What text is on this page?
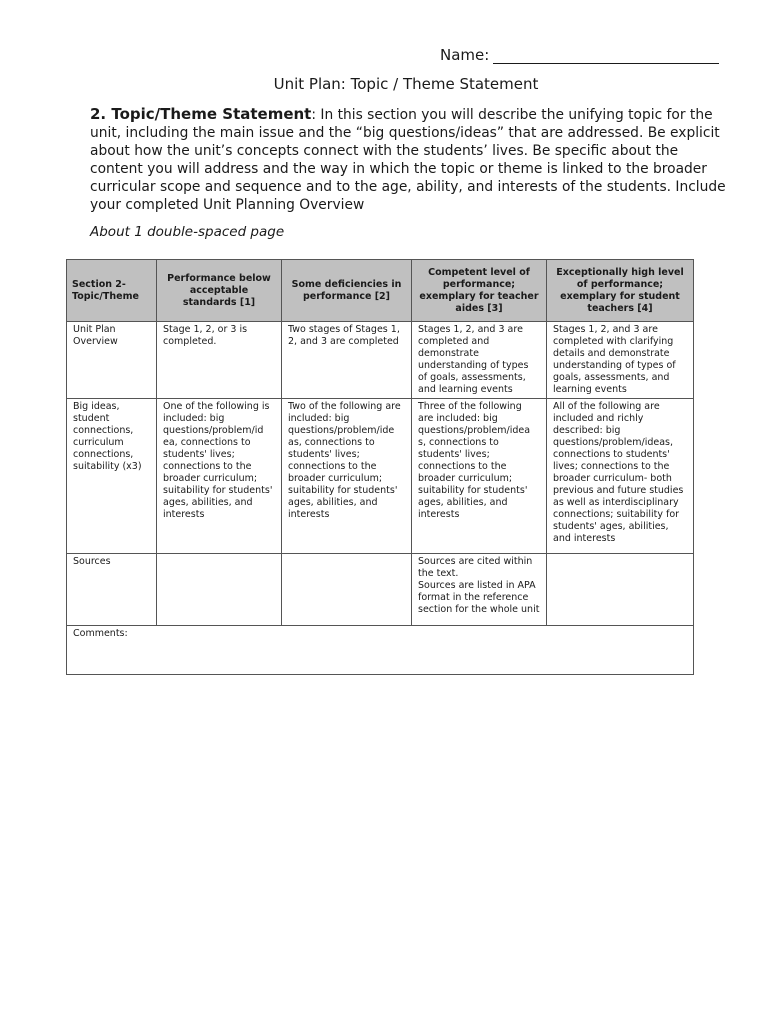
Name:
Unit Plan: Topic / Theme Statement

2. Topic/Theme Statement: In this section you will describe the unifying topic for the unit, including the main issue and the “big questions/ideas” that are addressed. Be explicit about how the unit’s concepts connect with the students’ lives. Be specific about the content you will address and the way in which the topic or theme is linked to the broader curricular scope and sequence and to the age, ability, and interests of the students. Include your completed Unit Planning Overview

About 1 double-spaced page
Section 2- Topic/Theme	Performance below acceptable standards [1]	Some deficiencies in performance [2]	Competent level of performance; exemplary for teacher aides [3]	Exceptionally high level of performance; exemplary for student teachers [4]
Unit Plan Overview	Stage 1, 2, or 3 is completed.	Two stages of Stages 1, 2, and 3 are completed	Stages 1, 2, and 3 are completed and demonstrate understanding of types of goals, assessments, and learning events	Stages 1, 2, and 3 are completed with clarifying details and demonstrate understanding of types of goals, assessments, and learning events
Big ideas, student connections, curriculum connections, suitability (x3)	One of the following is included: big questions/problem/id ea, connections to students' lives; connections to the broader curriculum; suitability for students' ages, abilities, and interests	Two of the following are included: big questions/problem/ide as, connections to students' lives; connections to the broader curriculum; suitability for students' ages, abilities, and interests	Three of the following are included: big questions/problem/idea s, connections to students' lives; connections to the broader curriculum; suitability for students' ages, abilities, and interests	All of the following are included and richly described: big questions/problem/ideas, connections to students' lives; connections to the broader curriculum- both previous and future studies as well as interdisciplinary connections; suitability for students' ages, abilities, and interests
Sources			Sources are cited within the text.
Sources are listed in APA format in the reference section for the whole unit	
Comments:				
